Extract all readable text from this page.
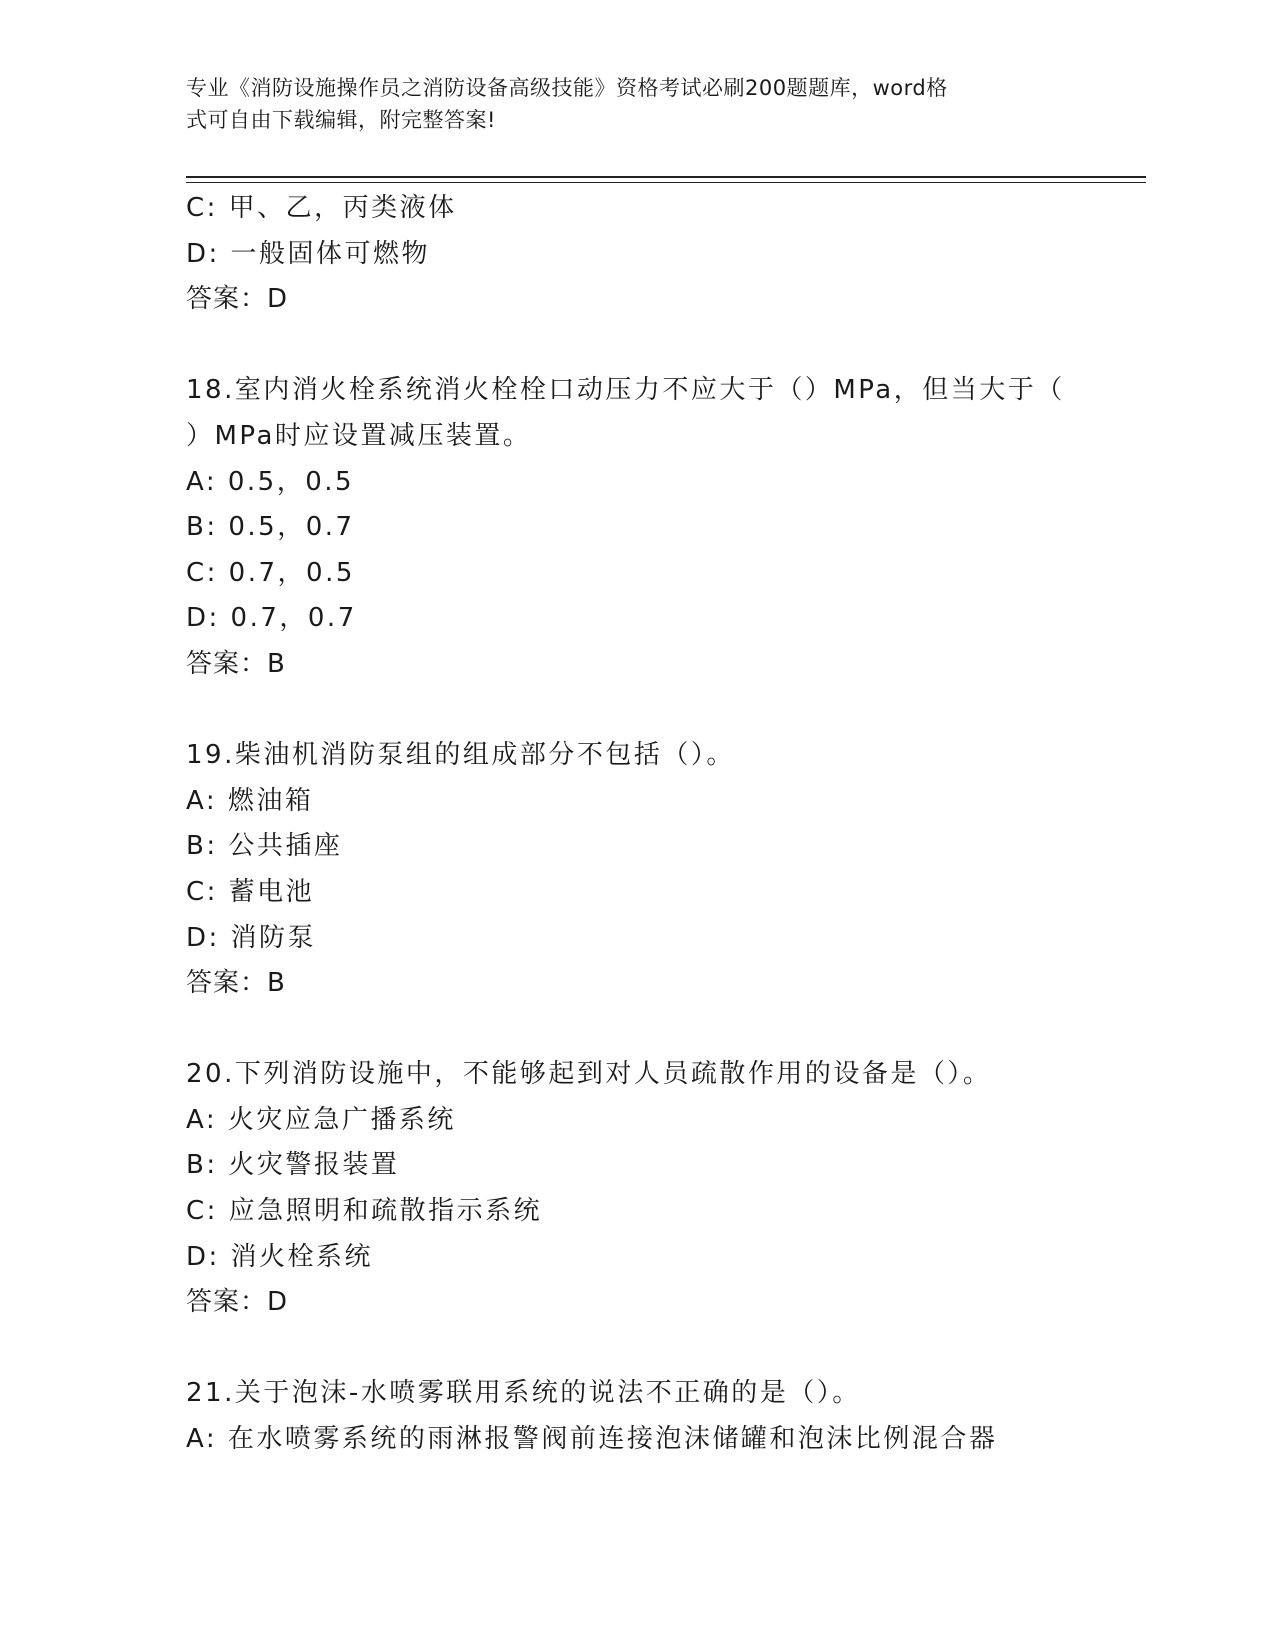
专业《消防设施操作员之消防设备高级技能》资格考试必刷200题题库，word格
式可自由下载编辑，附完整答案!
C: 甲、乙，丙类液体
D: 一般固体可燃物
答案：D
18.室内消火栓系统消火栓栓口动压力不应大于（）MPa，但当大于（
）MPa时应设置减压装置。
A: 0.5，0.5
B: 0.5，0.7
C: 0.7，0.5
D: 0.7，0.7
答案：B
19.柴油机消防泵组的组成部分不包括（）。
A: 燃油箱
B: 公共插座
C: 蓄电池
D: 消防泵
答案：B
20.下列消防设施中，不能够起到对人员疏散作用的设备是（）。
A: 火灾应急广播系统
B: 火灾警报装置
C: 应急照明和疏散指示系统
D: 消火栓系统
答案：D
21.关于泡沫-水喷雾联用系统的说法不正确的是（）。
A: 在水喷雾系统的雨淋报警阀前连接泡沫储罐和泡沫比例混合器
